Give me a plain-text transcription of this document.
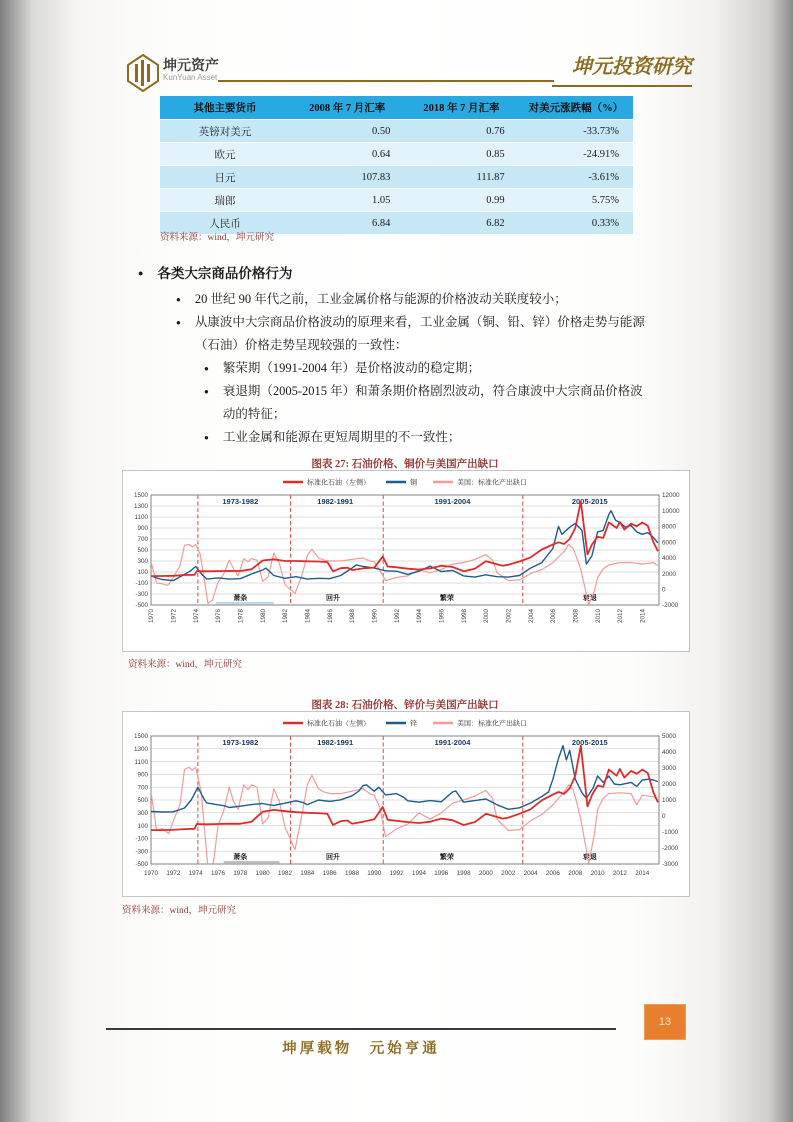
坤元资产
KunYuan Asset	坤元投资研究
其他主要货币	2008 年 7 月汇率	2018 年 7 月汇率	对美元涨跌幅（%）
英镑对美元	0.50	0.76	-33.73%
欧元	0.64	0.85	-24.91%
日元	107.83	111.87	-3.61%
瑞郎	1.05	0.99	5.75%
人民币	6.84	6.82	0.33%
资料来源：wind，坤元研究
● 各类大宗商品价格行为
● 20 世纪 90 年代之前，工业金属价格与能源的价格波动关联度较小；
● 从康波中大宗商品价格波动的原理来看，工业金属（铜、铅、锌）价格走势与能源（石油）价格走势呈现较强的一致性：
● 繁荣期（1991-2004 年）是价格波动的稳定期；
● 衰退期（2005-2015 年）和萧条期价格剧烈波动，符合康波中大宗商品价格波动的特征；
● 工业金属和能源在更短周期里的不一致性；
图表 27: 石油价格、铜价与美国产出缺口
标准化石油（左侧）	铜	美国：标准化产出缺口
1973-1982	1982-1991	1991-2004	2005-2015
萧条	回升	繁荣	衰退
1500
1300
1100
900
700
500
300
100
-100
-300
-500
12000
10000
8000
6000
4000
2000
0
-2000
1970 1972 1974 1976 1978 1980 1982 1984 1986 1988 1990 1992 1994 1996 1998 2000 2002 2004 2006 2008 2010 2012 2014
资料来源：wind，坤元研究
图表 28: 石油价格、锌价与美国产出缺口
标准化石油（左侧）	锌	美国：标准化产出缺口
1973-1982	1982-1991	1991-2004	2005-2015
萧条	回升	繁荣	衰退
1500
1300
1100
900
700
500
300
100
-100
-300
-500
5000
4000
3000
2000
1000
0
-1000
-2000
-3000
1970 1972 1974 1976 1978 1980 1982 1984 1986 1988 1990 1992 1994 1996 1998 2000 2002 2004 2006 2008 2010 2012 2014
资料来源：wind，坤元研究
坤厚载物　元始亨通
13
